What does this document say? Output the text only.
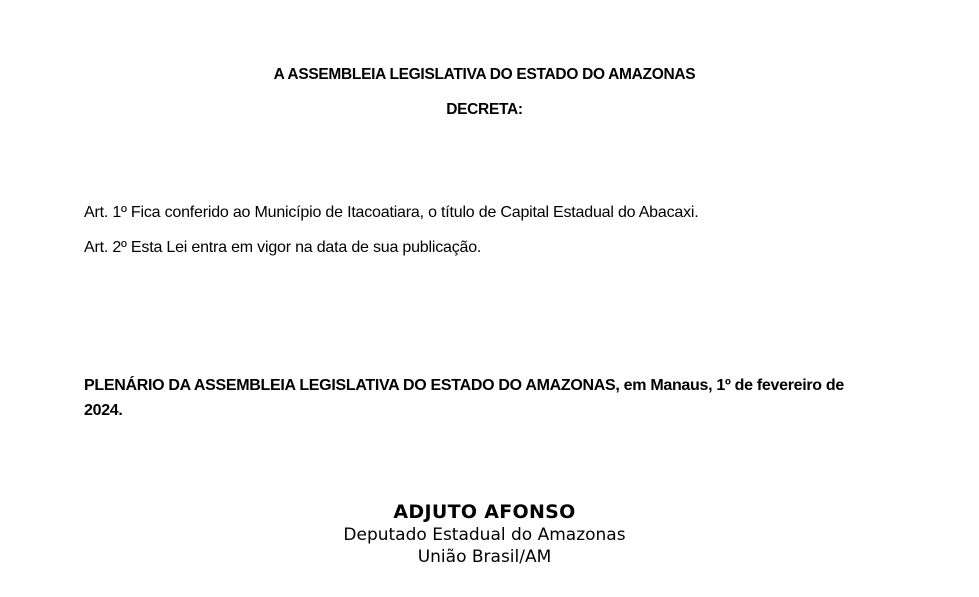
A ASSEMBLEIA LEGISLATIVA DO ESTADO DO AMAZONAS
DECRETA:
Art. 1º Fica conferido ao Município de Itacoatiara, o título de Capital Estadual do Abacaxi.
Art. 2º Esta Lei entra em vigor na data de sua publicação.
PLENÁRIO DA ASSEMBLEIA LEGISLATIVA DO ESTADO DO AMAZONAS, em Manaus, 1º de fevereiro de 2024.
ADJUTO AFONSO
Deputado Estadual do Amazonas
União Brasil/AM
